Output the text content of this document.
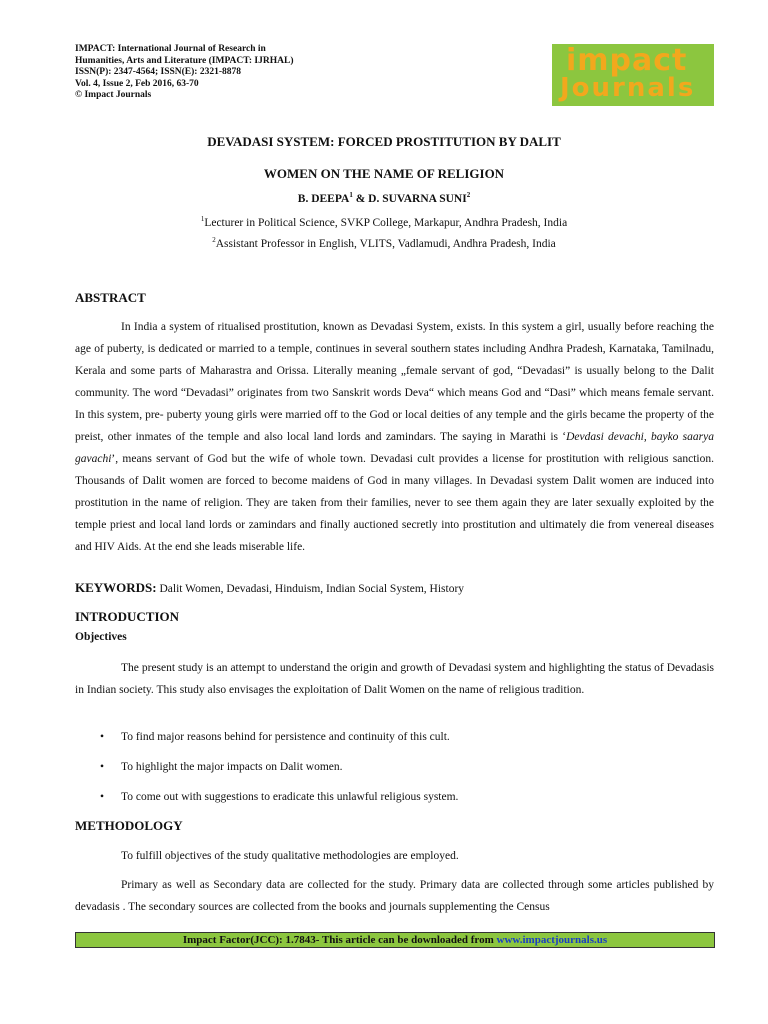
IMPACT: International Journal of Research in
Humanities, Arts and Literature (IMPACT: IJRHAL)
ISSN(P): 2347-4564; ISSN(E): 2321-8878
Vol. 4, Issue 2, Feb 2016, 63-70
© Impact Journals
impact
Journals
DEVADASI SYSTEM: FORCED PROSTITUTION BY DALIT
WOMEN ON THE NAME OF RELIGION
B. DEEPA$^1$ & D. SUVARNA SUNI$^2$
$^1$Lecturer in Political Science, SVKP College, Markapur, Andhra Pradesh, India
$^2$Assistant Professor in English, VLITS, Vadlamudi, Andhra Pradesh, India
ABSTRACT

In India a system of ritualised prostitution, known as Devadasi System, exists. In this system a girl, usually before reaching the age of puberty, is dedicated or married to a temple, continues in several southern states including Andhra Pradesh, Karnataka, Tamilnadu, Kerala and some parts of Maharastra and Orissa. Literally meaning „female servant of god, “Devadasi” is usually belong to the Dalit community. The word “Devadasi” originates from two Sanskrit words Deva“ which means God and “Dasi” which means female servant. In this system, pre- puberty young girls were married off to the God or local deities of any temple and the girls became the property of the preist, other inmates of the temple and also local land lords and zamindars. The saying in Marathi is ‘Devdasi devachi, bayko saarya gavachi’, means servant of God but the wife of whole town. Devadasi cult provides a license for prostitution with religious sanction. Thousands of Dalit women are forced to become maidens of God in many villages. In Devadasi system Dalit women are induced into prostitution in the name of religion. They are taken from their families, never to see them again they are later sexually exploited by the temple priest and local land lords or zamindars and finally auctioned secretly into prostitution and ultimately die from venereal diseases and HIV Aids. At the end she leads miserable life.

KEYWORDS: Dalit Women, Devadasi, Hinduism, Indian Social System, History
INTRODUCTION
Objectives

The present study is an attempt to understand the origin and growth of Devadasi system and highlighting the status of Devadasis in Indian society. This study also envisages the exploitation of Dalit Women on the name of religious tradition.

• To find major reasons behind for persistence and continuity of this cult.
• To highlight the major impacts on Dalit women.
• To come out with suggestions to eradicate this unlawful religious system.
METHODOLOGY

To fulfill objectives of the study qualitative methodologies are employed.

Primary as well as Secondary data are collected for the study. Primary data are collected through some articles published by devadasis . The secondary sources are collected from the books and journals supplementing the Census

Impact Factor(JCC): 1.7843- This article can be downloaded from www.impactjournals.us
